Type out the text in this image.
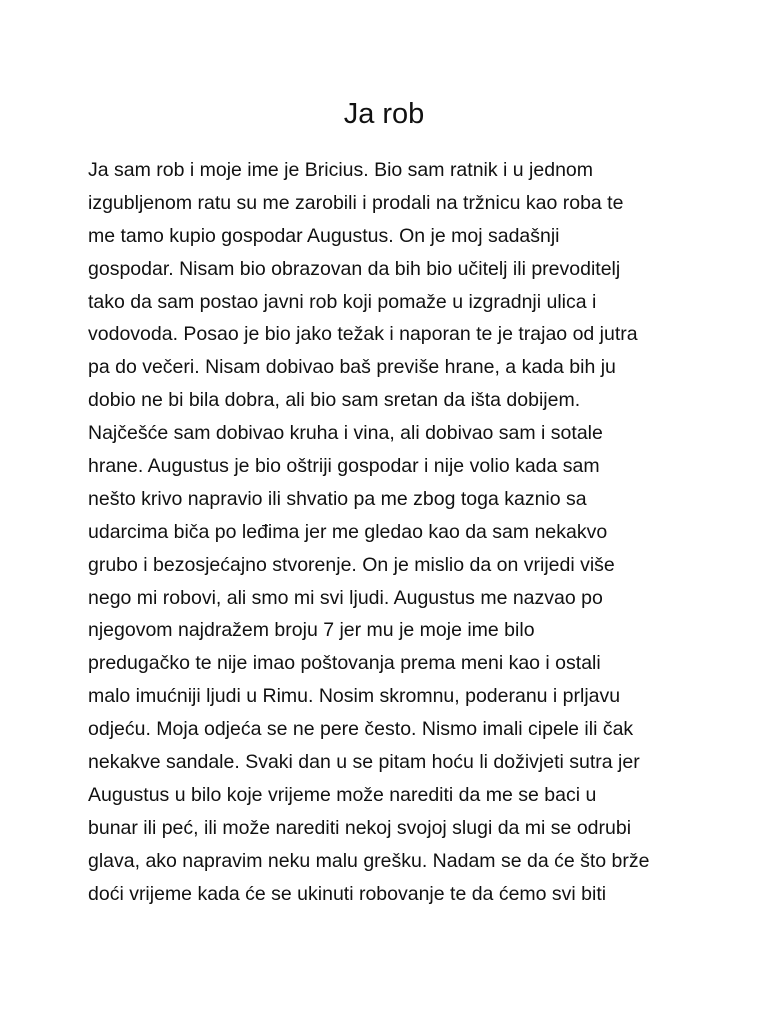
Ja rob
Ja sam rob i moje ime je Bricius. Bio sam ratnik i u jednom
izgubljenom ratu su me zarobili i prodali na tržnicu kao roba te
me tamo kupio gospodar Augustus. On je moj sadašnji
gospodar. Nisam bio obrazovan da bih bio učitelj ili prevoditelj
tako da sam postao javni rob koji pomaže u izgradnji ulica i
vodovoda. Posao je bio jako težak i naporan te je trajao od jutra
pa do večeri. Nisam dobivao baš previše hrane, a kada bih ju
dobio ne bi bila dobra, ali bio sam sretan da išta dobijem.
Najčešće sam dobivao kruha i vina, ali dobivao sam i sotale
hrane. Augustus je bio oštriji gospodar i nije volio kada sam
nešto krivo napravio ili shvatio pa me zbog toga kaznio sa
udarcima biča po leđima jer me gledao kao da sam nekakvo
grubo i bezosjećajno stvorenje. On je mislio da on vrijedi više
nego mi robovi, ali smo mi svi ljudi. Augustus me nazvao po
njegovom najdražem broju 7 jer mu je moje ime bilo
predugačko te nije imao poštovanja prema meni kao i ostali
malo imućniji ljudi u Rimu. Nosim skromnu, poderanu i prljavu
odjeću. Moja odjeća se ne pere često. Nismo imali cipele ili čak
nekakve sandale. Svaki dan u se pitam hoću li doživjeti sutra jer
Augustus u bilo koje vrijeme može narediti da me se baci u
bunar ili peć, ili može narediti nekoj svojoj slugi da mi se odrubi
glava, ako napravim neku malu grešku. Nadam se da će što brže
doći vrijeme kada će se ukinuti robovanje te da ćemo svi biti
